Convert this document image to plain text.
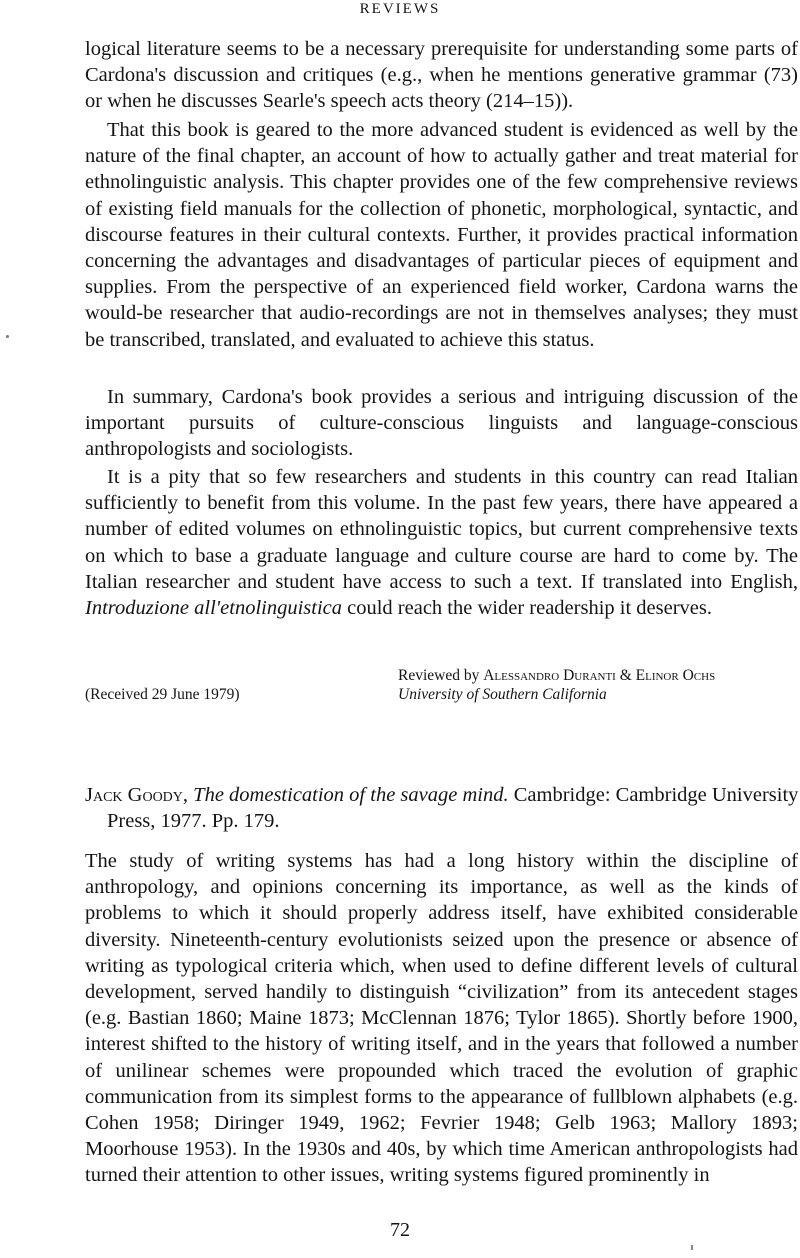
REVIEWS

logical literature seems to be a necessary prerequisite for understanding some parts of Cardona's discussion and critiques (e.g., when he mentions generative grammar (73) or when he discusses Searle's speech acts theory (214–15)).

That this book is geared to the more advanced student is evidenced as well by the nature of the final chapter, an account of how to actually gather and treat material for ethnolinguistic analysis. This chapter provides one of the few comprehensive reviews of existing field manuals for the collection of phonetic, morphological, syntactic, and discourse features in their cultural contexts. Further, it provides practical information concerning the advantages and disadvantages of particular pieces of equipment and supplies. From the perspective of an experienced field worker, Cardona warns the would-be researcher that audio-recordings are not in themselves analyses; they must be transcribed, translated, and evaluated to achieve this status.

In summary, Cardona's book provides a serious and intriguing discussion of the important pursuits of culture-conscious linguists and language-conscious anthropologists and sociologists.

It is a pity that so few researchers and students in this country can read Italian sufficiently to benefit from this volume. In the past few years, there have appeared a number of edited volumes on ethnolinguistic topics, but current comprehensive texts on which to base a graduate language and culture course are hard to come by. The Italian researcher and student have access to such a text. If translated into English, Introduzione all'etnolinguistica could reach the wider readership it deserves.

Reviewed by Alessandro Duranti & Elinor Ochs
University of Southern California
(Received 29 June 1979)
Jack Goody, The domestication of the savage mind. Cambridge: Cambridge University Press, 1977. Pp. 179.

The study of writing systems has had a long history within the discipline of anthropology, and opinions concerning its importance, as well as the kinds of problems to which it should properly address itself, have exhibited considerable diversity. Nineteenth-century evolutionists seized upon the presence or absence of writing as typological criteria which, when used to define different levels of cultural development, served handily to distinguish “civilization” from its antecedent stages (e.g. Bastian 1860; Maine 1873; McClennan 1876; Tylor 1865). Shortly before 1900, interest shifted to the history of writing itself, and in the years that followed a number of unilinear schemes were propounded which traced the evolution of graphic communication from its simplest forms to the appearance of fullblown alphabets (e.g. Cohen 1958; Diringer 1949, 1962; Fevrier 1948; Gelb 1963; Mallory 1893; Moorhouse 1953). In the 1930s and 40s, by which time American anthropologists had turned their attention to other issues, writing systems figured prominently in

72
